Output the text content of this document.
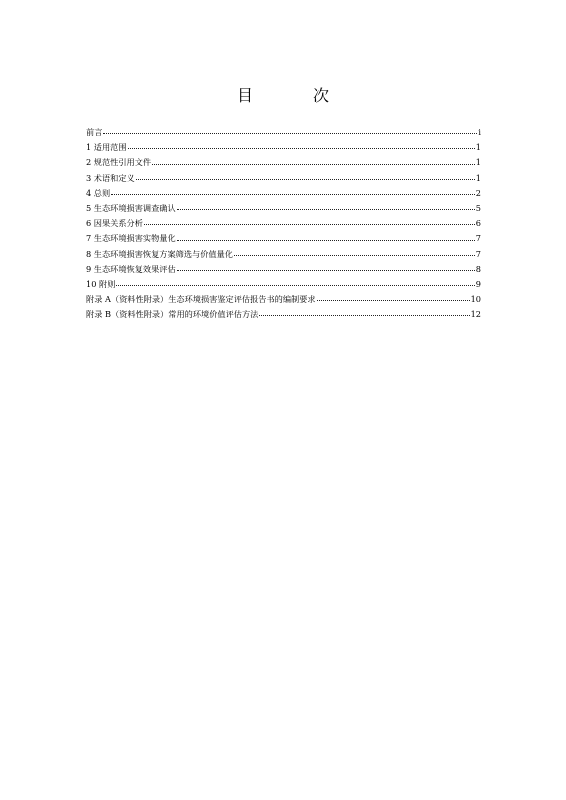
目　次
前言	i
1 适用范围	1
2 规范性引用文件	1
3 术语和定义	1
4 总则	2
5 生态环境损害调查确认	5
6 因果关系分析	6
7 生态环境损害实物量化	7
8 生态环境损害恢复方案筛选与价值量化	7
9 生态环境恢复效果评估	8
10 附则	9
附录 A（资料性附录）生态环境损害鉴定评估报告书的编制要求	10
附录 B（资料性附录）常用的环境价值评估方法	12
